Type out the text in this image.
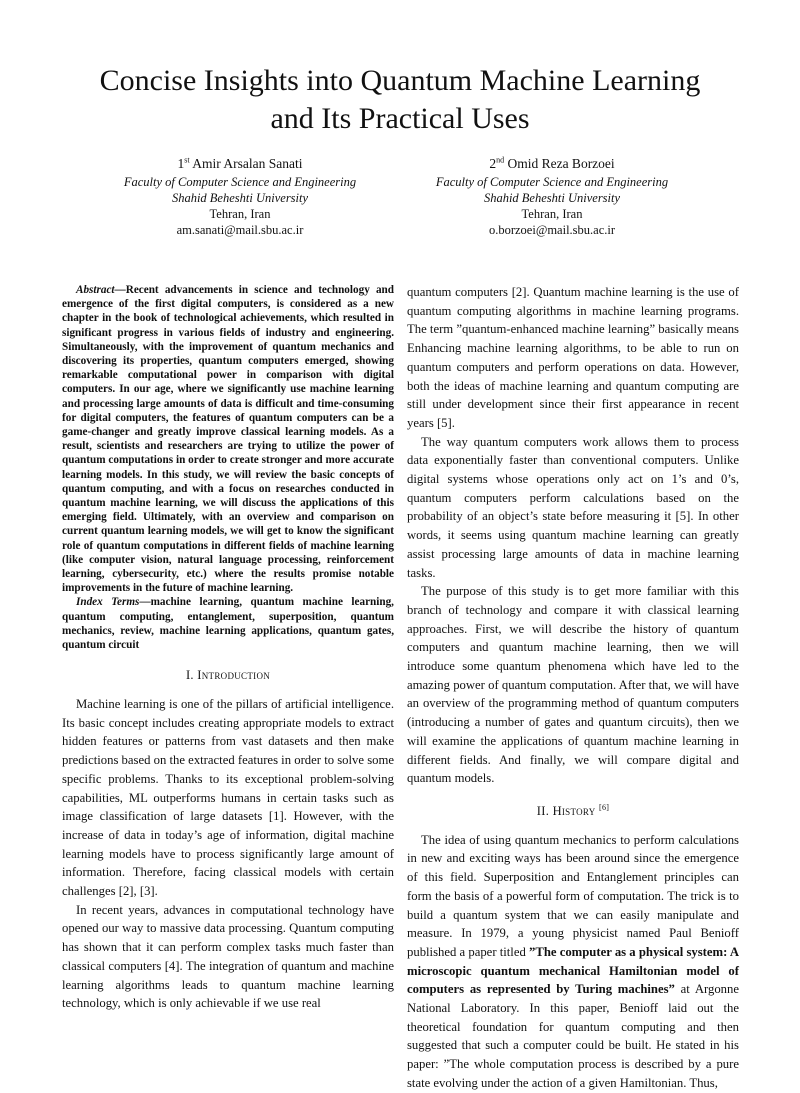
Concise Insights into Quantum Machine Learning
and Its Practical Uses
1st Amir Arsalan Sanati
Faculty of Computer Science and Engineering
Shahid Beheshti University
Tehran, Iran
am.sanati@mail.sbu.ac.ir
2nd Omid Reza Borzoei
Faculty of Computer Science and Engineering
Shahid Beheshti University
Tehran, Iran
o.borzoei@mail.sbu.ac.ir

Abstract—Recent advancements in science and technology and emergence of the first digital computers, is considered as a new chapter in the book of technological achievements, which resulted in significant progress in various fields of industry and engineering. Simultaneously, with the improvement of quantum mechanics and discovering its properties, quantum computers emerged, showing remarkable computational power in comparison with digital computers. In our age, where we significantly use machine learning and processing large amounts of data is difficult and time-consuming for digital computers, the features of quantum computers can be a game-changer and greatly improve classical learning models. As a result, scientists and researchers are trying to utilize the power of quantum computations in order to create stronger and more accurate learning models. In this study, we will review the basic concepts of quantum computing, and with a focus on researches conducted in quantum machine learning, we will discuss the applications of this emerging field. Ultimately, with an overview and comparison on current quantum learning models, we will get to know the significant role of quantum computations in different fields of machine learning (like computer vision, natural language processing, reinforcement learning, cybersecurity, etc.) where the results promise notable improvements in the future of machine learning.

Index Terms—machine learning, quantum machine learning, quantum computing, entanglement, superposition, quantum mechanics, review, machine learning applications, quantum gates, quantum circuit

I. Introduction

Machine learning is one of the pillars of artificial intelligence. Its basic concept includes creating appropriate models to extract hidden features or patterns from vast datasets and then make predictions based on the extracted features in order to solve some specific problems. Thanks to its exceptional problem-solving capabilities, ML outperforms humans in certain tasks such as image classification of large datasets [1]. However, with the increase of data in today’s age of information, digital machine learning models have to process significantly large amount of information. Therefore, facing classical models with certain challenges [2], [3].

In recent years, advances in computational technology have opened our way to massive data processing. Quantum computing has shown that it can perform complex tasks much faster than classical computers [4]. The integration of quantum and machine learning algorithms leads to quantum machine learning technology, which is only achievable if we use real

quantum computers [2]. Quantum machine learning is the use of quantum computing algorithms in machine learning programs. The term ”quantum-enhanced machine learning” basically means Enhancing machine learning algorithms, to be able to run on quantum computers and perform operations on data. However, both the ideas of machine learning and quantum computing are still under development since their first appearance in recent years [5].

The way quantum computers work allows them to process data exponentially faster than conventional computers. Unlike digital systems whose operations only act on 1’s and 0’s, quantum computers perform calculations based on the probability of an object’s state before measuring it [5]. In other words, it seems using quantum machine learning can greatly assist processing large amounts of data in machine learning tasks.

The purpose of this study is to get more familiar with this branch of technology and compare it with classical learning approaches. First, we will describe the history of quantum computers and quantum machine learning, then we will introduce some quantum phenomena which have led to the amazing power of quantum computation. After that, we will have an overview of the programming method of quantum computers (introducing a number of gates and quantum circuits), then we will examine the applications of quantum machine learning in different fields. And finally, we will compare digital and quantum models.

II. History [6]

The idea of using quantum mechanics to perform calculations in new and exciting ways has been around since the emergence of this field. Superposition and Entanglement principles can form the basis of a powerful form of computation. The trick is to build a quantum system that we can easily manipulate and measure. In 1979, a young physicist named Paul Benioff published a paper titled ”The computer as a physical system: A microscopic quantum mechanical Hamiltonian model of computers as represented by Turing machines” at Argonne National Laboratory. In this paper, Benioff laid out the theoretical foundation for quantum computing and then suggested that such a computer could be built. He stated in his paper: ”The whole computation process is described by a pure state evolving under the action of a given Hamiltonian. Thus,
